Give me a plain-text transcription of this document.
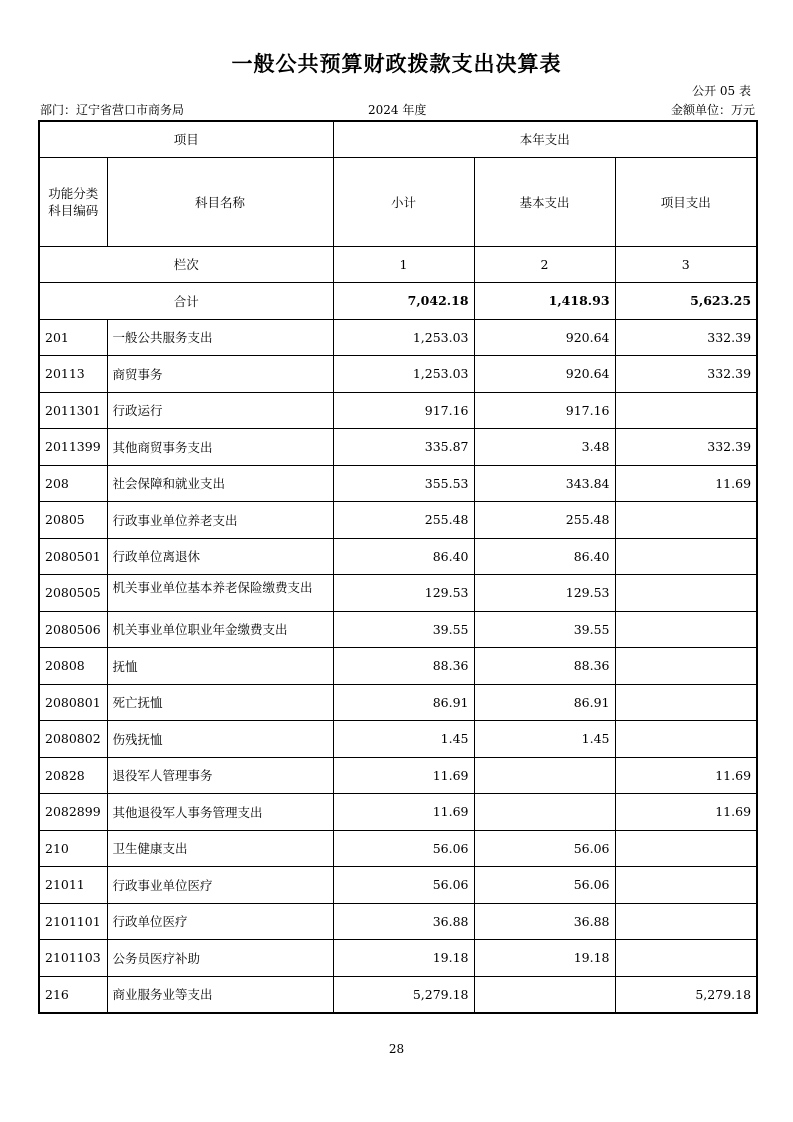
一般公共预算财政拨款支出决算表
公开 05 表
部门：辽宁省营口市商务局	2024 年度	金额单位：万元
项目		本年支出		
功能分类科目编码	科目名称	小计	基本支出	项目支出
栏次		1	2	3
合计		7,042.18	1,418.93	5,623.25
201	一般公共服务支出	1,253.03	920.64	332.39
20113	商贸事务	1,253.03	920.64	332.39
2011301	行政运行	917.16	917.16	
2011399	其他商贸事务支出	335.87	3.48	332.39
208	社会保障和就业支出	355.53	343.84	11.69
20805	行政事业单位养老支出	255.48	255.48	
2080501	行政单位离退休	86.40	86.40	
2080505	机关事业单位基本养老保险缴费支出	129.53	129.53	
2080506	机关事业单位职业年金缴费支出	39.55	39.55	
20808	抚恤	88.36	88.36	
2080801	死亡抚恤	86.91	86.91	
2080802	伤残抚恤	1.45	1.45	
20828	退役军人管理事务	11.69		11.69
2082899	其他退役军人事务管理支出	11.69		11.69
210	卫生健康支出	56.06	56.06	
21011	行政事业单位医疗	56.06	56.06	
2101101	行政单位医疗	36.88	36.88	
2101103	公务员医疗补助	19.18	19.18	
216	商业服务业等支出	5,279.18		5,279.18
28
